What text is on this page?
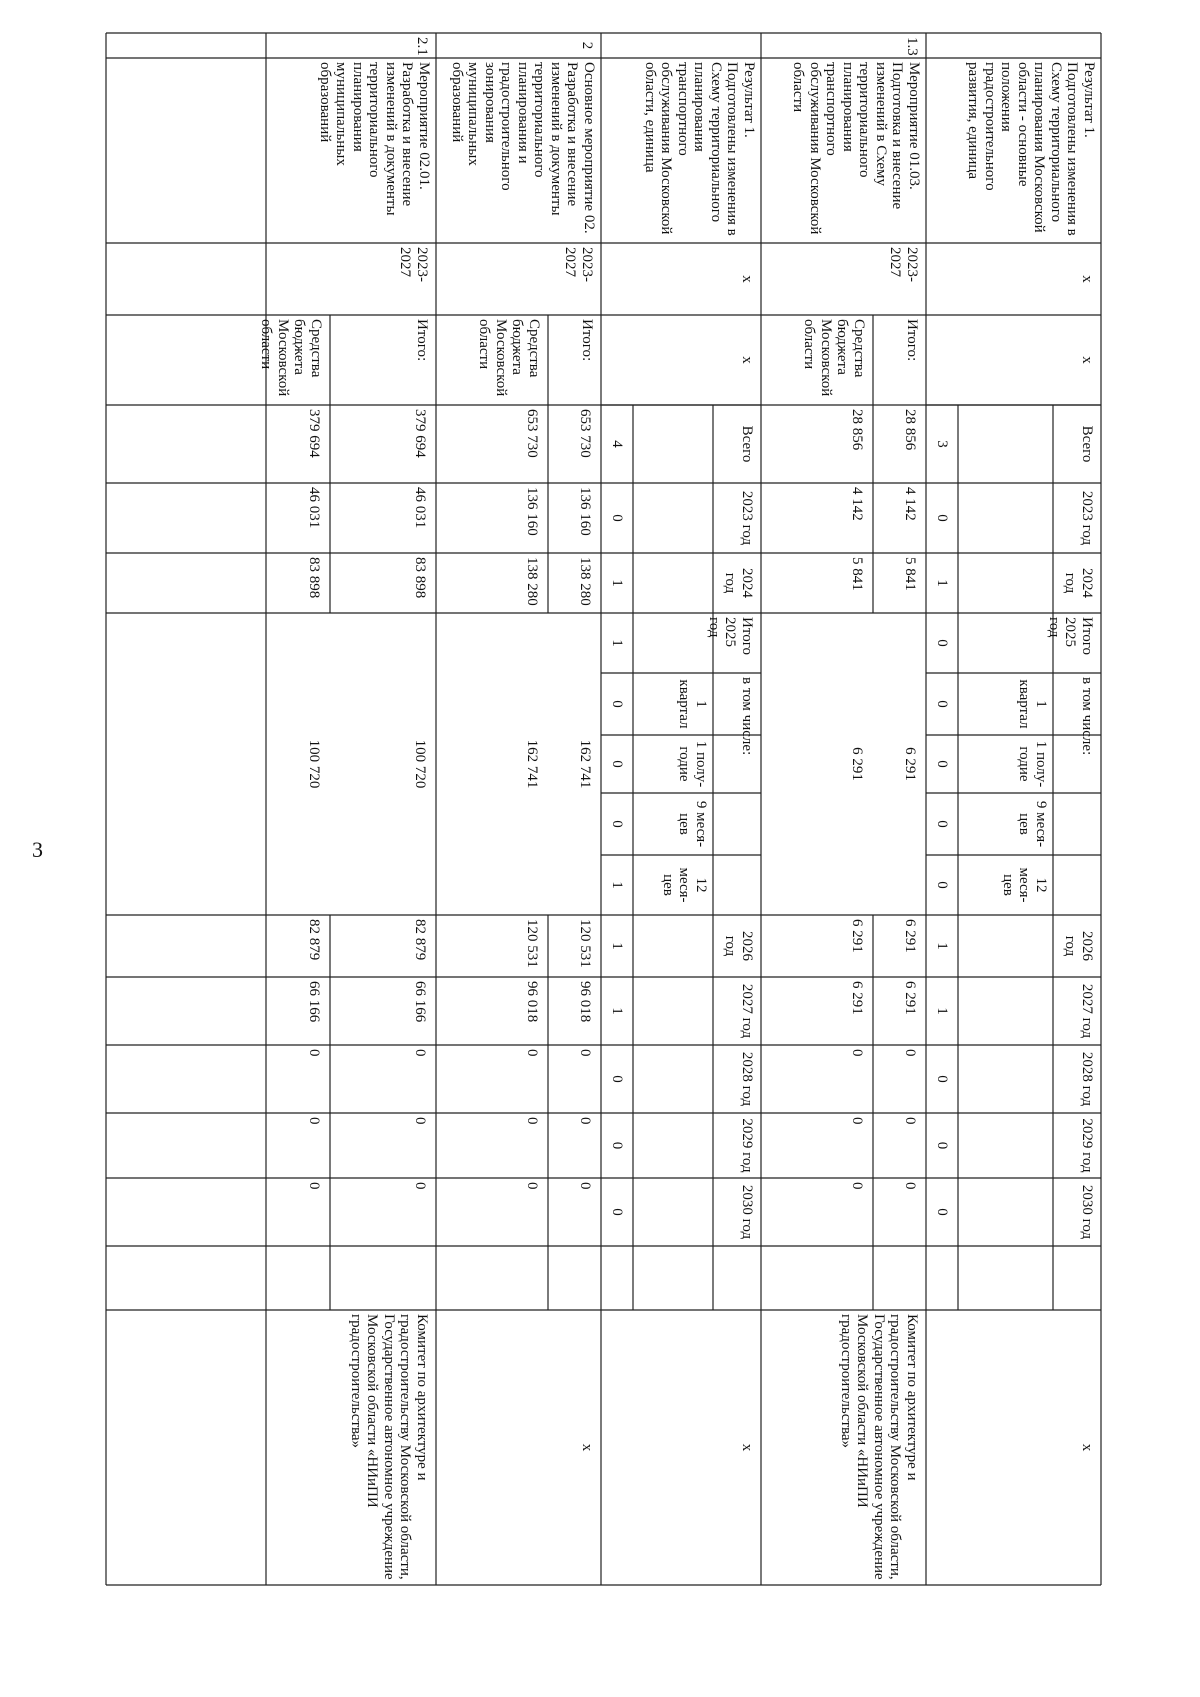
3
Результат 1.
Подготовлены изменения в Схему территориального планирования Московской области - основные положения градостроительного развития, единица
x
x
Всего
2023 год
2024 год
Итого 2025 год
в том числе:
1 квартал
1 полу-годие
9 меся-цев
12 меся-цев
2026 год
2027 год
2028 год
2029 год
2030 год
x
3
0
1
0
0
0
0
0
1
1
0
0
0
1.3
Мероприятие 01.03.
Подготовка и внесение изменений в Схему территориального планирования транспортного обслуживания Московской области
2023-2027
Итого:
Средства бюджета Московской области
28 856
4 142
5 841
6 291
6 291
6 291
0
0
0
28 856
4 142
5 841
6 291
6 291
6 291
0
0
0
Комитет по архитектуре и градостроительству Московской области, Государственное автономное учреждение Московской области «НИиПИ градостроительства»
Результат 1.
Подготовлены изменения в Схему территориального планирования транспортного обслуживания Московской области, единица
x
x
Всего
2023 год
2024 год
Итого 2025 год
в том числе:
1 квартал
1 полу-годие
9 меся-цев
12 меся-цев
2026 год
2027 год
2028 год
2029 год
2030 год
x
4
0
1
1
0
0
0
1
1
1
0
0
0
2
Основное мероприятие 02.
Разработка и внесение изменений в документы территориального планирования и градостроительного зонирования муниципальных образований
2023-2027
Итого:
Средства бюджета Московской области
653 730
136 160
138 280
162 741
120 531
96 018
0
0
0
653 730
136 160
138 280
162 741
120 531
96 018
0
0
0
x
2.1
Мероприятие 02.01.
Разработка и внесение изменений в документы территориального планирования муниципальных образований
2023-2027
Итого:
Средства бюджета Московской области
379 694
46 031
83 898
100 720
82 879
66 166
0
0
0
379 694
46 031
83 898
100 720
82 879
66 166
0
0
0
Комитет по архитектуре и градостроительству Московской области, Государственное автономное учреждение Московской области «НИиПИ градостроительства»
